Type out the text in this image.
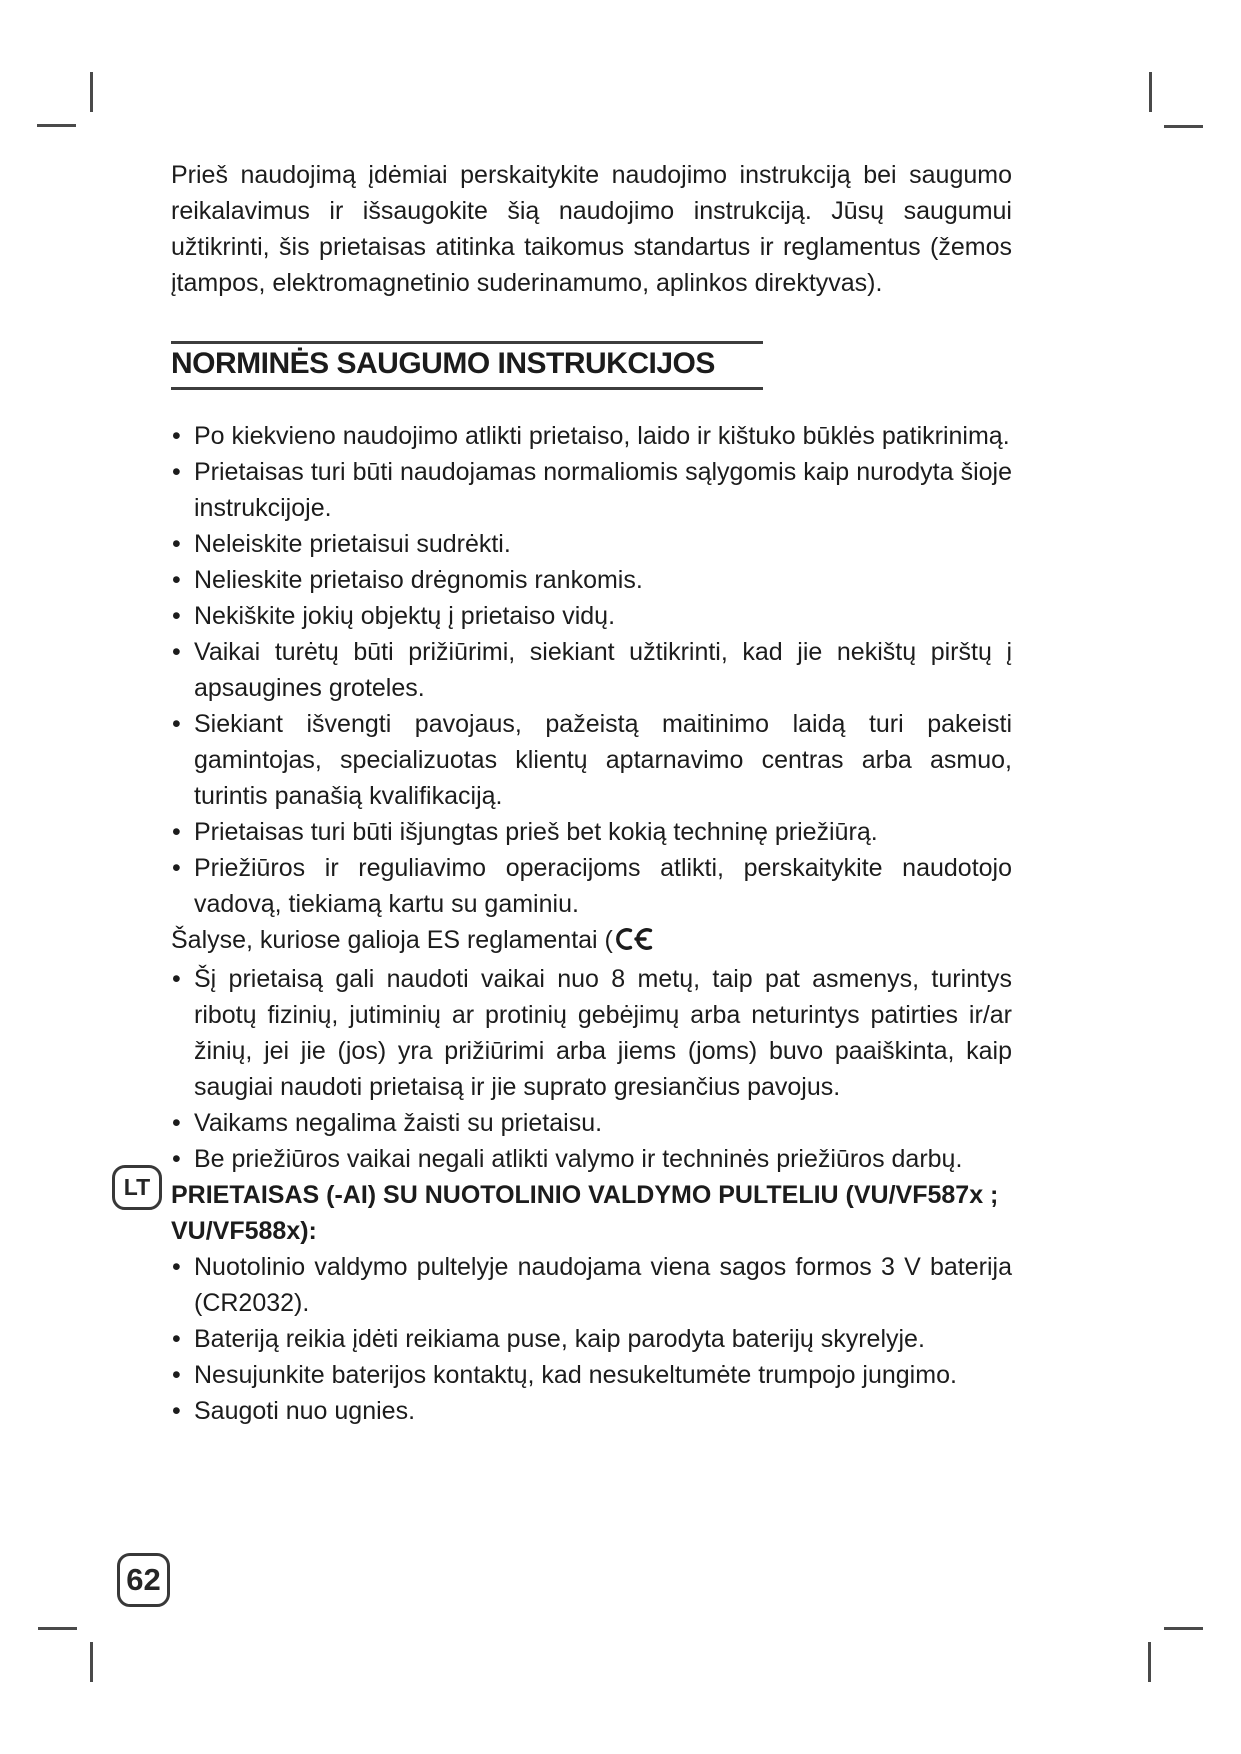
Prieš naudojimą įdėmiai perskaitykite naudojimo instrukciją bei saugumo reikalavimus ir išsaugokite šią naudojimo instrukciją. Jūsų saugumui užtikrinti, šis prietaisas atitinka taikomus standartus ir reglamentus (žemos įtampos, elektromagnetinio suderinamumo, aplinkos direktyvas).

NORMINĖS SAUGUMO INSTRUKCIJOS
• Po kiekvieno naudojimo atlikti prietaiso, laido ir kištuko būklės patikrinimą.
• Prietaisas turi būti naudojamas normaliomis sąlygomis kaip nurodyta šioje instrukcijoje.
• Neleiskite prietaisui sudrėkti.
• Nelieskite prietaiso drėgnomis rankomis.
• Nekiškite jokių objektų į prietaiso vidų.
• Vaikai turėtų būti prižiūrimi, siekiant užtikrinti, kad jie nekištų pirštų į apsaugines groteles.
• Siekiant išvengti pavojaus, pažeistą maitinimo laidą turi pakeisti gamintojas, specializuotas klientų aptarnavimo centras arba asmuo, turintis panašią kvalifikaciją.
• Prietaisas turi būti išjungtas prieš bet kokią techninę priežiūrą.
• Priežiūros ir reguliavimo operacijoms atlikti, perskaitykite naudotojo vadovą, tiekiamą kartu su gaminiu.

Šalyse, kuriose galioja ES reglamentai (

• Šį prietaisą gali naudoti vaikai nuo 8 metų, taip pat asmenys, turintys ribotų fizinių, jutiminių ar protinių gebėjimų arba neturintys patirties ir/ar žinių, jei jie (jos) yra prižiūrimi arba jiems (joms) buvo paaiškinta, kaip saugiai naudoti prietaisą ir jie suprato gresiančius pavojus.
• Vaikams negalima žaisti su prietaisu.
• Be priežiūros vaikai negali atlikti valymo ir techninės priežiūros darbų.

PRIETAISAS (-AI) SU NUOTOLINIO VALDYMO PULTELIU (VU/VF587x ; VU/VF588x):

• Nuotolinio valdymo pultelyje naudojama viena sagos formos 3 V baterija (CR2032).
• Bateriją reikia įdėti reikiama puse, kaip parodyta baterijų skyrelyje.
• Nesujunkite baterijos kontaktų, kad nesukeltumėte trumpojo jungimo.
• Saugoti nuo ugnies.
LT
62
